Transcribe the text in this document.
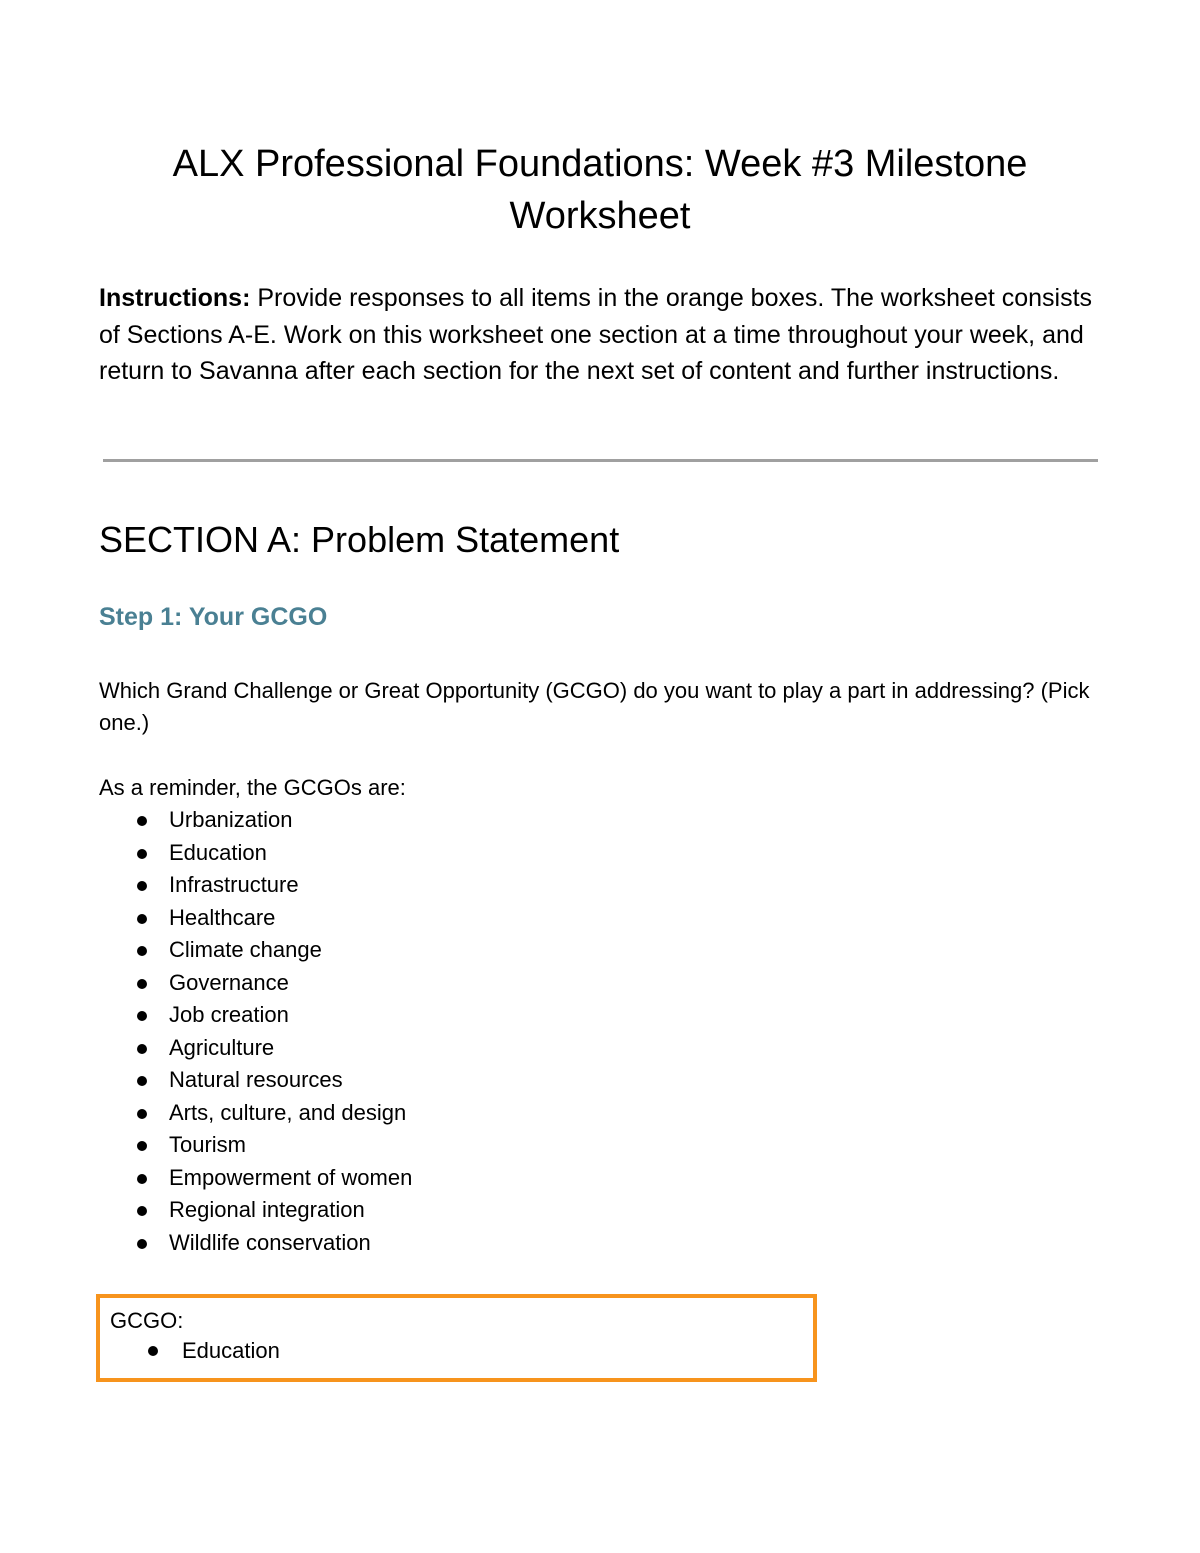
ALX Professional Foundations: Week #3 Milestone Worksheet

Instructions: Provide responses to all items in the orange boxes. The worksheet consists of Sections A-E. Work on this worksheet one section at a time throughout your week, and return to Savanna after each section for the next set of content and further instructions.

SECTION A: Problem Statement
Step 1: Your GCGO

Which Grand Challenge or Great Opportunity (GCGO) do you want to play a part in addressing? (Pick one.)

As a reminder, the GCGOs are:

Urbanization
Education
Infrastructure
Healthcare
Climate change
Governance
Job creation
Agriculture
Natural resources
Arts, culture, and design
Tourism
Empowerment of women
Regional integration
Wildlife conservation

GCGO:

Education
